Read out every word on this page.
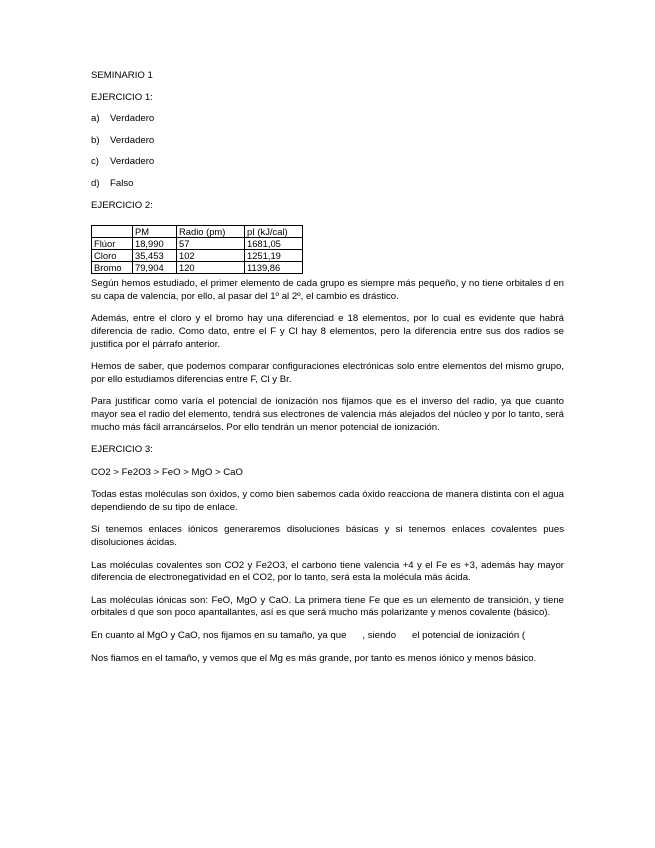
SEMINARIO 1

EJERCICIO 1:

a)	Verdadero
b)	Verdadero
c)	Verdadero
d)	Falso

EJERCICIO 2:

	PM	Radio (pm)	pI (kJ/cal)
Flúor	18,990	57	1681,05
Cloro	35,453	102	1251,19
Bromo	79,904	120	1139,86

Según hemos estudiado, el primer elemento de cada grupo es siempre más pequeño, y no tiene orbitales d en su capa de valencia, por ello, al pasar del 1º al 2º, el cambio es drástico.

Además, entre el cloro y el bromo hay una diferenciad e 18 elementos, por lo cual es evidente que habrá diferencia de radio. Como dato, entre el F y Cl hay 8 elementos, pero la diferencia entre sus dos radios se justifica por el párrafo anterior.

Hemos de saber, que podemos comparar configuraciones electrónicas solo entre elementos del mismo grupo, por ello estudiamos diferencias entre F, Cl y Br.

Para justificar como varía el potencial de ionización nos fijamos que es el inverso del radio, ya que cuanto mayor sea el radio del elemento, tendrá sus electrones de valencia más alejados del núcleo y por lo tanto, será mucho más fácil arrancárselos. Por ello tendrán un menor potencial de ionización.

EJERCICIO 3:

CO2 > Fe2O3 > FeO > MgO > CaO

Todas estas moléculas son óxidos, y como bien sabemos cada óxido reacciona de manera distinta con el agua dependiendo de su tipo de enlace.

Si tenemos enlaces iónicos generaremos disoluciones básicas y si tenemos enlaces covalentes pues disoluciones ácidas.

Las moléculas covalentes son CO2 y Fe2O3, el carbono tiene valencia +4 y el Fe es +3, además hay mayor diferencia de electronegatividad en el CO2, por lo tanto, será esta la molécula más ácida.

Las moléculas iónicas son: FeO, MgO y CaO. La primera tiene Fe que es un elemento de transición, y tiene orbitales d que son poco apantallantes, así es que será mucho más polarizante y menos covalente (básico).

En cuanto al MgO y CaO, nos fijamos en su tamaño, ya que      , siendo      el potencial de ionización (

Nos fiamos en el tamaño, y vemos que el Mg es más grande, por tanto es menos iónico y menos básico.
